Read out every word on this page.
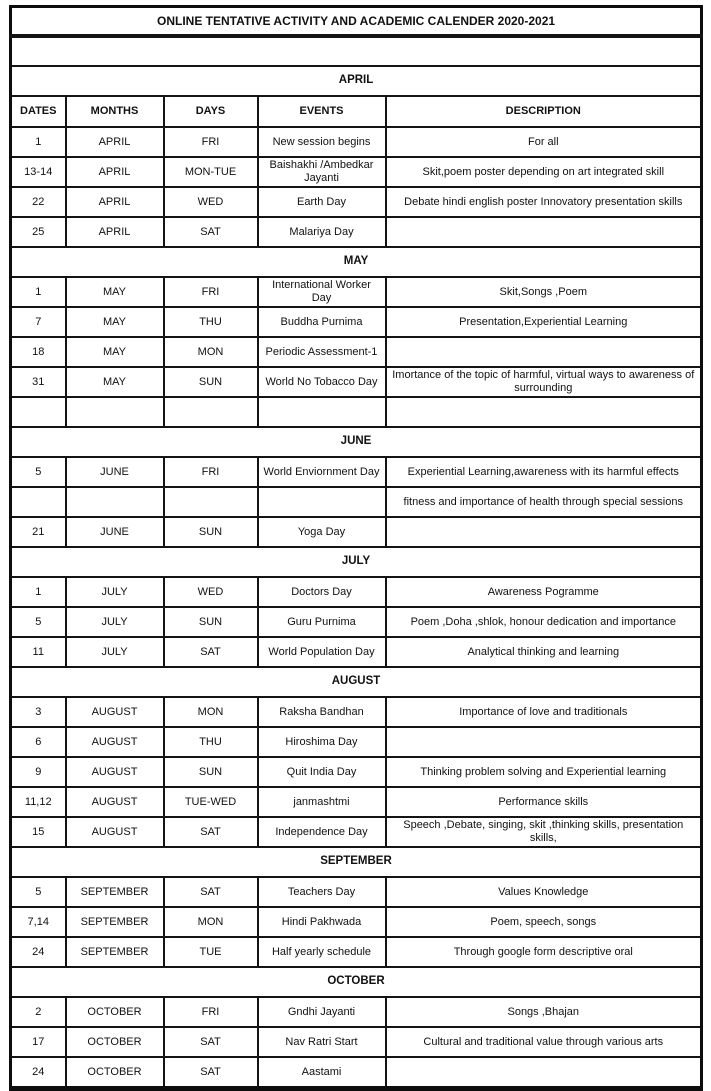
ONLINE TENTATIVE ACTIVITY AND ACADEMIC CALENDER 2020-2021				

APRIL				
DATES	MONTHS	DAYS	EVENTS	DESCRIPTION
1	APRIL	FRI	New session begins	For all
13-14	APRIL	MON-TUE	Baishakhi /Ambedkar Jayanti	Skit,poem poster depending on art integrated skill
22	APRIL	WED	Earth Day	Debate hindi english poster Innovatory presentation skills
25	APRIL	SAT	Malariya Day	
MAY				
1	MAY	FRI	International Worker Day	Skit,Songs ,Poem
7	MAY	THU	Buddha Purnima	Presentation,Experiential Learning
18	MAY	MON	Periodic Assessment-1	
31	MAY	SUN	World No Tobacco Day	Imortance of the topic of harmful, virtual ways to awareness of surrounding

JUNE				
5	JUNE	FRI	World Enviornment Day	Experiential Learning,awareness with its harmful effects
				fitness and importance of health through special sessions
21	JUNE	SUN	Yoga Day	
JULY				
1	JULY	WED	Doctors Day	Awareness Pogramme
5	JULY	SUN	Guru Purnima	Poem ,Doha ,shlok, honour dedication and importance
11	JULY	SAT	World Population Day	Analytical thinking and learning
AUGUST				
3	AUGUST	MON	Raksha Bandhan	Importance of love and traditionals
6	AUGUST	THU	Hiroshima Day	
9	AUGUST	SUN	Quit India Day	Thinking problem solving and Experiential learning
11,12	AUGUST	TUE-WED	janmashtmi	Performance skills
15	AUGUST	SAT	Independence Day	Speech ,Debate, singing, skit ,thinking skills, presentation skills,
SEPTEMBER				
5	SEPTEMBER	SAT	Teachers Day	Values Knowledge
7,14	SEPTEMBER	MON	Hindi Pakhwada	Poem, speech, songs
24	SEPTEMBER	TUE	Half yearly schedule	Through google form descriptive oral
OCTOBER				
2	OCTOBER	FRI	Gndhi Jayanti	Songs ,Bhajan
17	OCTOBER	SAT	Nav Ratri Start	Cultural and traditional value through various arts
24	OCTOBER	SAT	Aastami	
